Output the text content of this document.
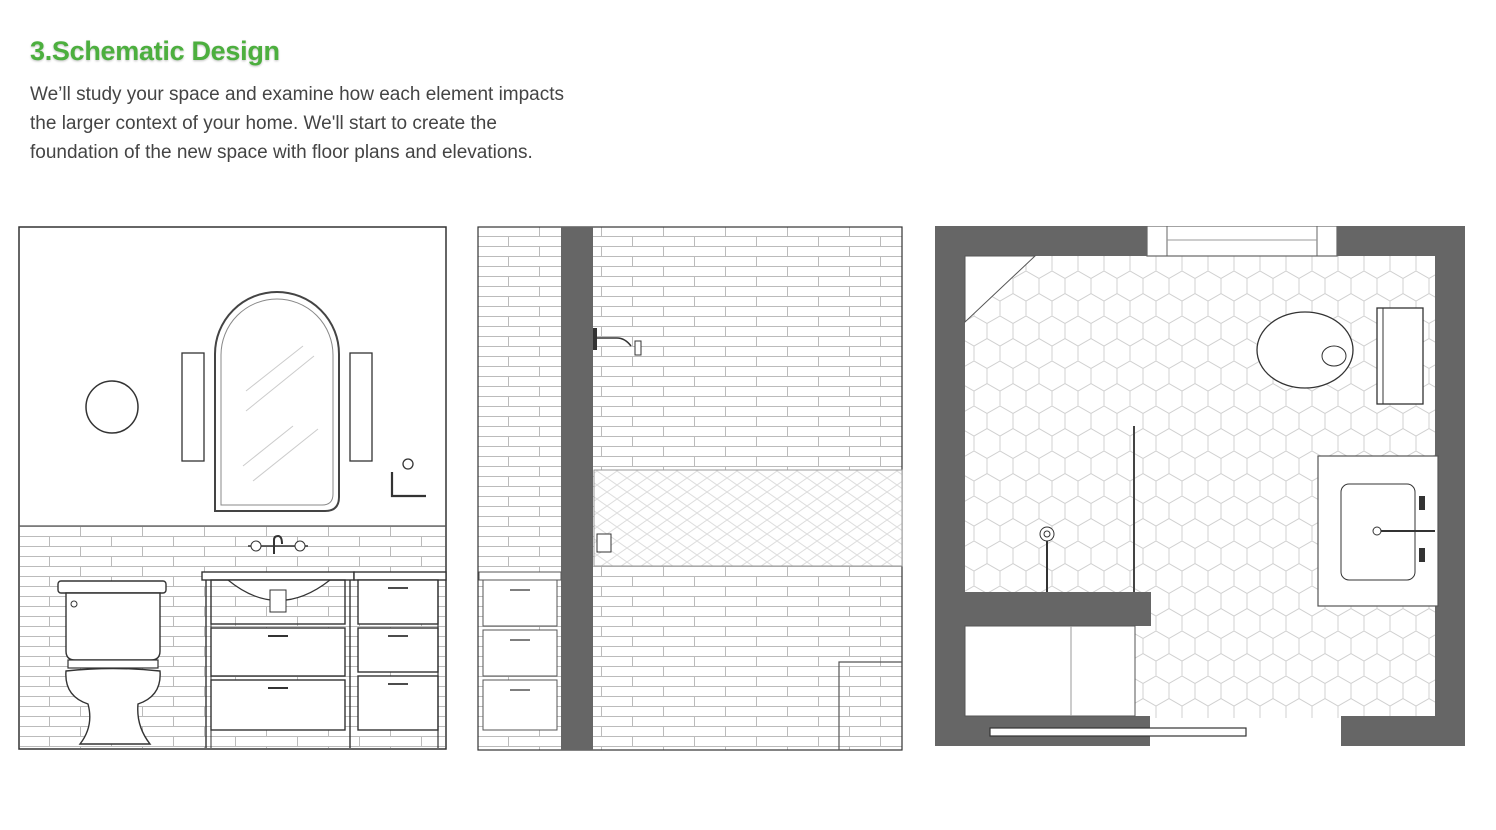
3.Schematic Design

We’ll study your space and examine how each element impacts the larger context of your home. We'll start to create the foundation of the new space with floor plans and elevations.
